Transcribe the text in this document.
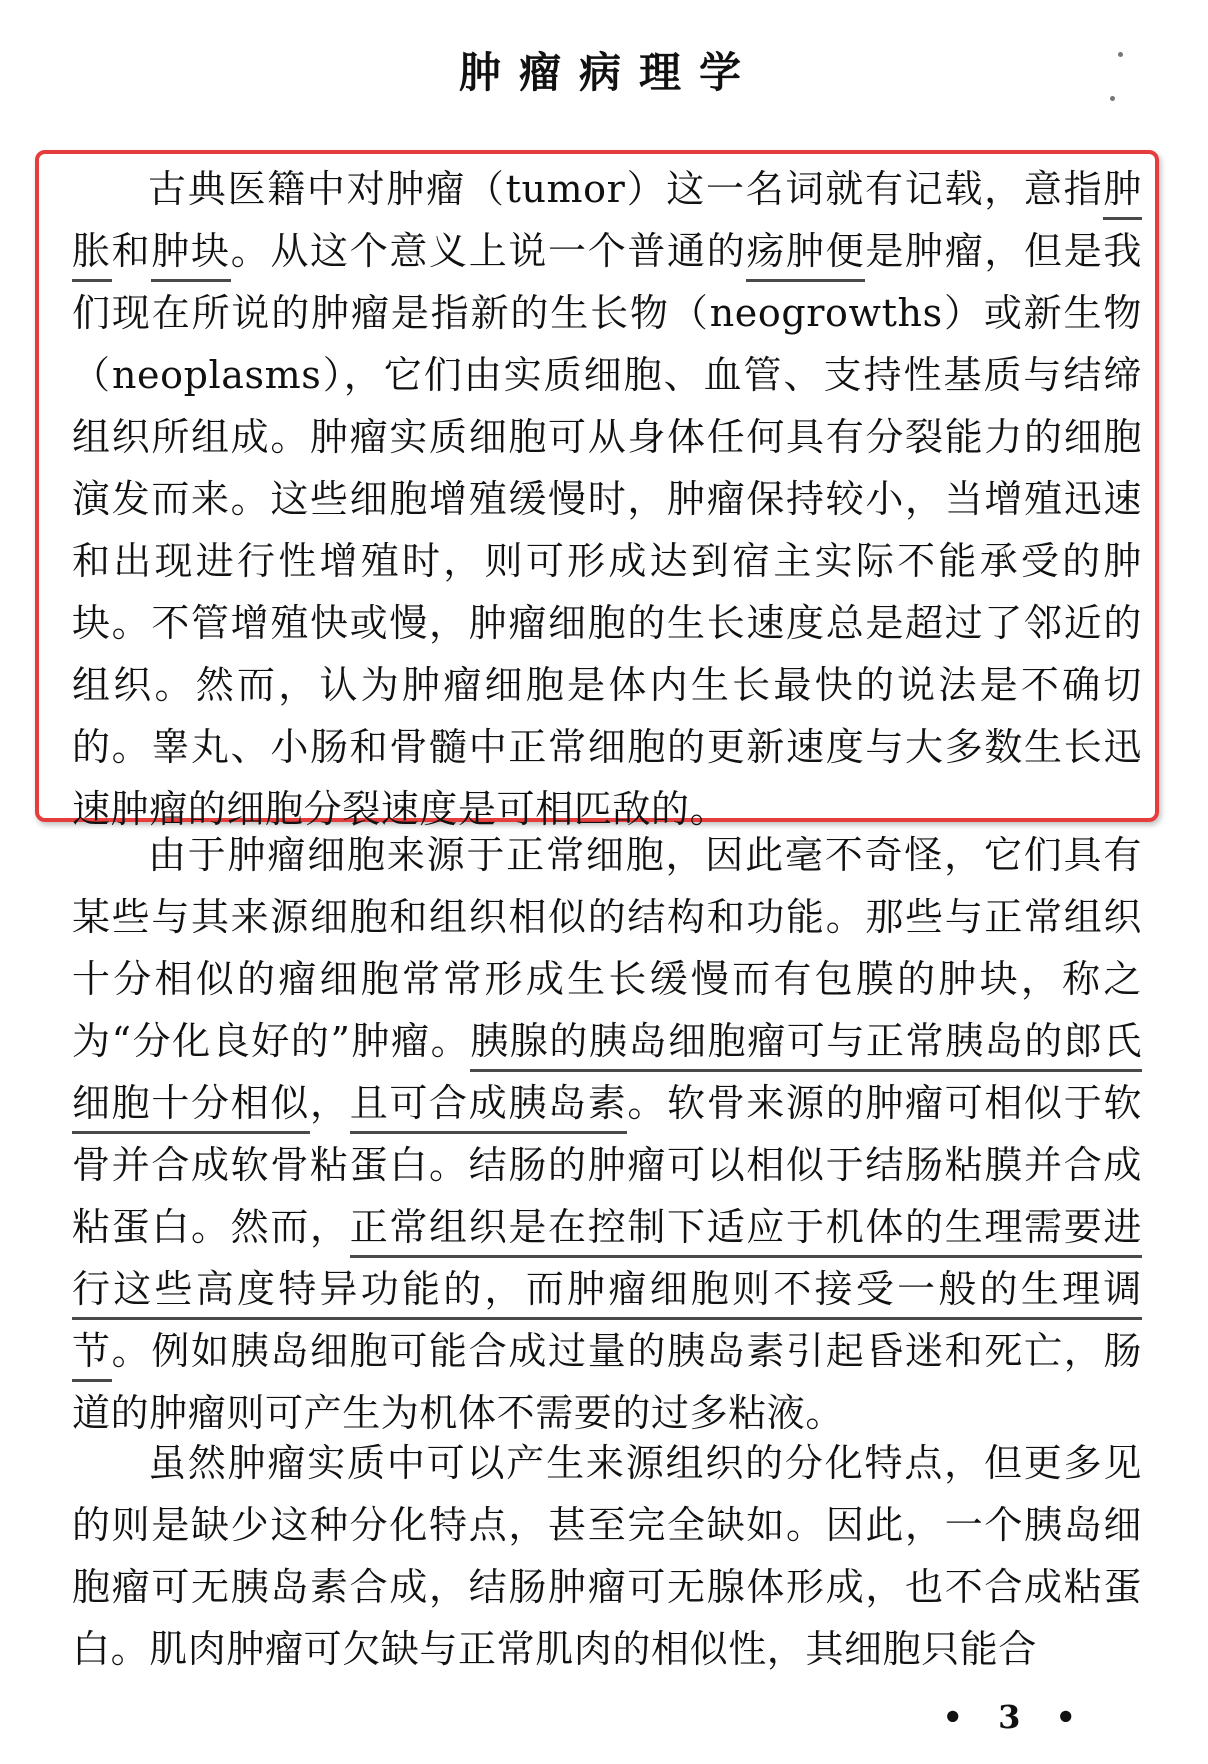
肿瘤病理学

古典医籍中对肿瘤（tumor）这一名词就有记载，意指肿胀和肿块。从这个意义上说一个普通的疡肿便是肿瘤，但是我们现在所说的肿瘤是指新的生长物（neogrowths）或新生物（neoplasms），它们由实质细胞、血管、支持性基质与结缔组织所组成。肿瘤实质细胞可从身体任何具有分裂能力的细胞演发而来。这些细胞增殖缓慢时，肿瘤保持较小，当增殖迅速和出现进行性增殖时，则可形成达到宿主实际不能承受的肿块。不管增殖快或慢，肿瘤细胞的生长速度总是超过了邻近的组织。然而，认为肿瘤细胞是体内生长最快的说法是不确切的。睾丸、小肠和骨髓中正常细胞的更新速度与大多数生长迅速肿瘤的细胞分裂速度是可相匹敌的。

由于肿瘤细胞来源于正常细胞，因此毫不奇怪，它们具有某些与其来源细胞和组织相似的结构和功能。那些与正常组织十分相似的瘤细胞常常形成生长缓慢而有包膜的肿块，称之为“分化良好的”肿瘤。胰腺的胰岛细胞瘤可与正常胰岛的郎氏细胞十分相似，且可合成胰岛素。软骨来源的肿瘤可相似于软骨并合成软骨粘蛋白。结肠的肿瘤可以相似于结肠粘膜并合成粘蛋白。然而，正常组织是在控制下适应于机体的生理需要进行这些高度特异功能的，而肿瘤细胞则不接受一般的生理调节。例如胰岛细胞可能合成过量的胰岛素引起昏迷和死亡，肠道的肿瘤则可产生为机体不需要的过多粘液。

虽然肿瘤实质中可以产生来源组织的分化特点，但更多见的则是缺少这种分化特点，甚至完全缺如。因此，一个胰岛细胞瘤可无胰岛素合成，结肠肿瘤可无腺体形成，也不合成粘蛋白。肌肉肿瘤可欠缺与正常肌肉的相似性，其细胞只能合

• 3 •
